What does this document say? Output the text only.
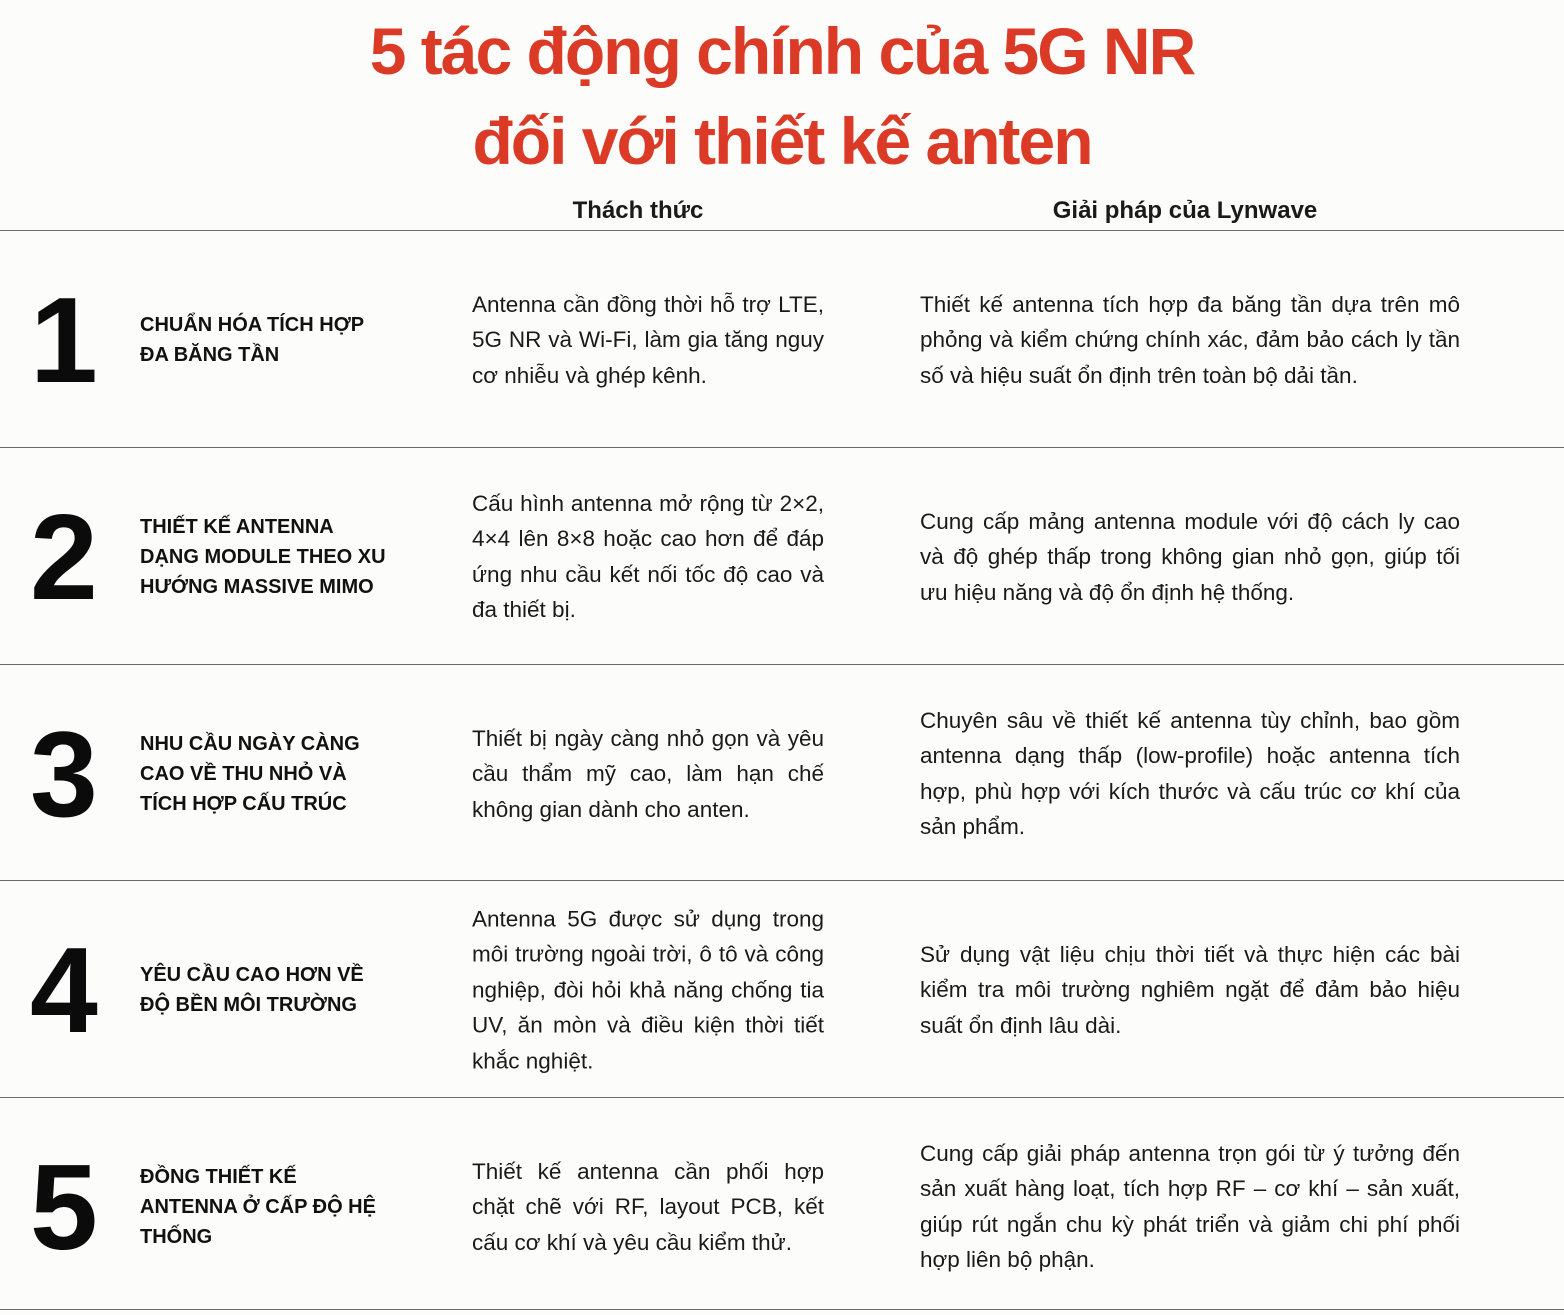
5 tác động chính của 5G NR
đối với thiết kế anten
Thách thức	Giải pháp của Lynwave
1 CHUẨN HÓA TÍCH HỢP ĐA BĂNG TẦN
Antenna cần đồng thời hỗ trợ LTE, 5G NR và Wi-Fi, làm gia tăng nguy cơ nhiễu và ghép kênh.
Thiết kế antenna tích hợp đa băng tần dựa trên mô phỏng và kiểm chứng chính xác, đảm bảo cách ly tần số và hiệu suất ổn định trên toàn bộ dải tần.
2 THIẾT KẾ ANTENNA DẠNG MODULE THEO XU HƯỚNG MASSIVE MIMO
Cấu hình antenna mở rộng từ 2×2, 4×4 lên 8×8 hoặc cao hơn để đáp ứng nhu cầu kết nối tốc độ cao và đa thiết bị.
Cung cấp mảng antenna module với độ cách ly cao và độ ghép thấp trong không gian nhỏ gọn, giúp tối ưu hiệu năng và độ ổn định hệ thống.
3 NHU CẦU NGÀY CÀNG CAO VỀ THU NHỎ VÀ TÍCH HỢP CẤU TRÚC
Thiết bị ngày càng nhỏ gọn và yêu cầu thẩm mỹ cao, làm hạn chế không gian dành cho anten.
Chuyên sâu về thiết kế antenna tùy chỉnh, bao gồm antenna dạng thấp (low-profile) hoặc antenna tích hợp, phù hợp với kích thước và cấu trúc cơ khí của sản phẩm.
4 YÊU CẦU CAO HƠN VỀ ĐỘ BỀN MÔI TRƯỜNG
Antenna 5G được sử dụng trong môi trường ngoài trời, ô tô và công nghiệp, đòi hỏi khả năng chống tia UV, ăn mòn và điều kiện thời tiết khắc nghiệt.
Sử dụng vật liệu chịu thời tiết và thực hiện các bài kiểm tra môi trường nghiêm ngặt để đảm bảo hiệu suất ổn định lâu dài.
5 ĐỒNG THIẾT KẾ ANTENNA Ở CẤP ĐỘ HỆ THỐNG
Thiết kế antenna cần phối hợp chặt chẽ với RF, layout PCB, kết cấu cơ khí và yêu cầu kiểm thử.
Cung cấp giải pháp antenna trọn gói từ ý tưởng đến sản xuất hàng loạt, tích hợp RF – cơ khí – sản xuất, giúp rút ngắn chu kỳ phát triển và giảm chi phí phối hợp liên bộ phận.
